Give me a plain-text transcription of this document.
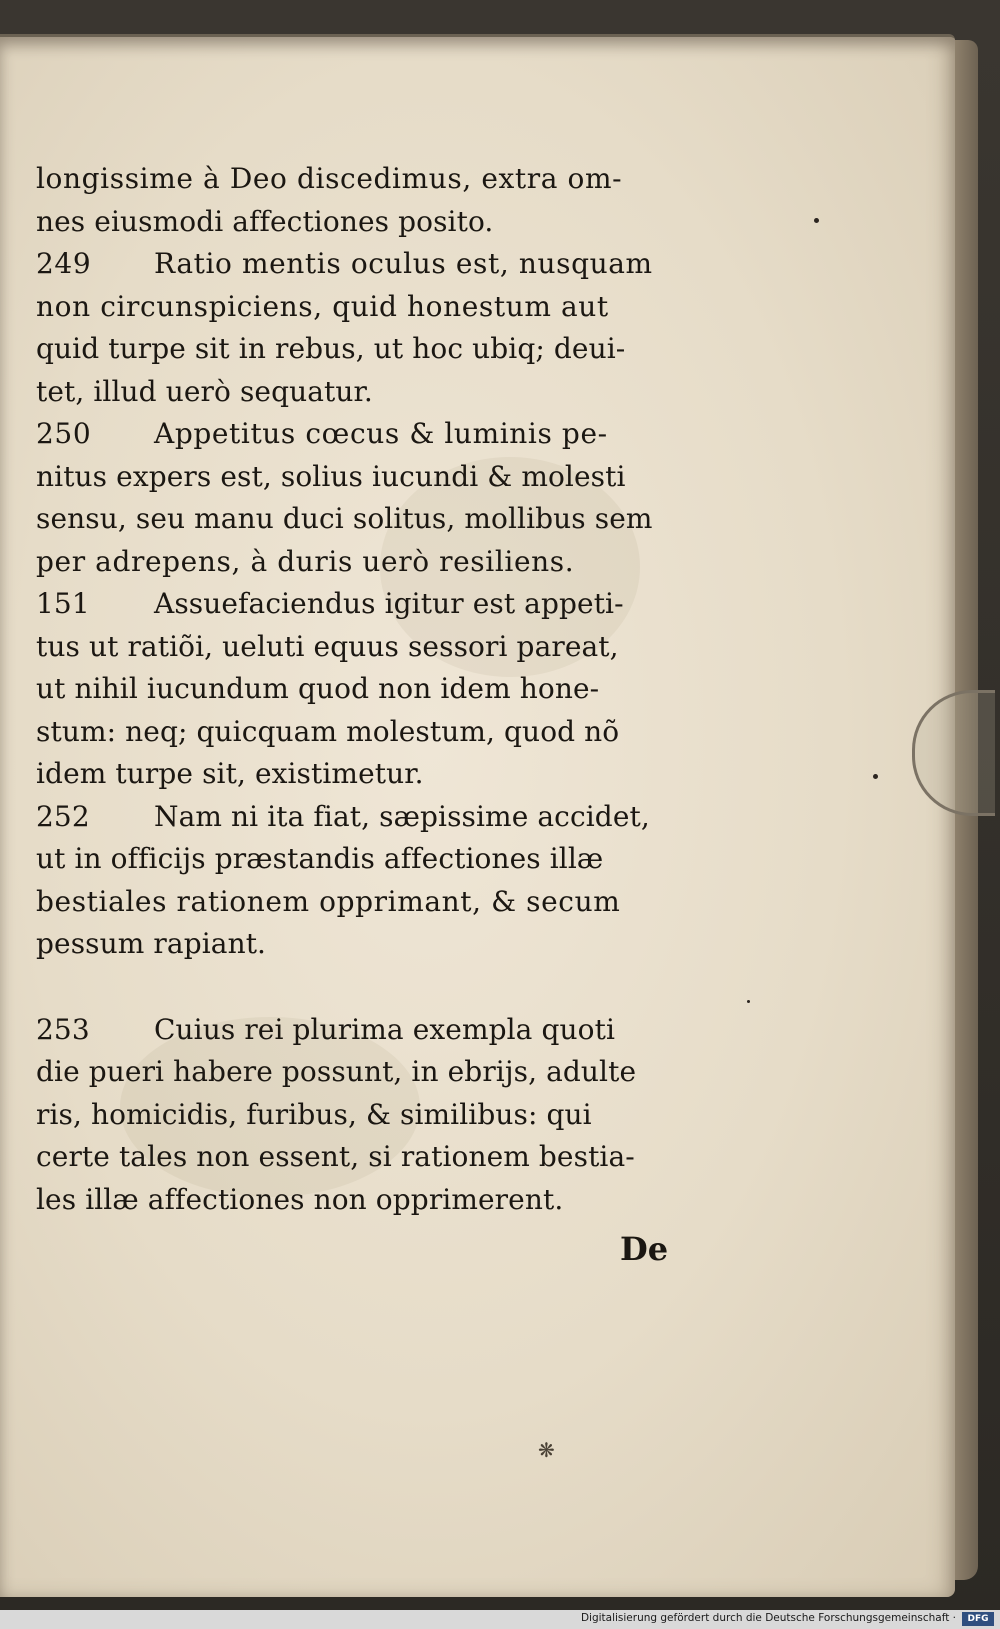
longissime à Deo discedimus, extra om-
nes eiusmodi affectiones posito.
249 Ratio mentis oculus est, nusquam
non circunspiciens, quid honestum aut
quid turpe sit in rebus, ut hoc ubiq; deui-
tet, illud uerò sequatur.
250 Appetitus cœcus & luminis pe-
nitus expers est, solius iucundi & molesti
sensu, seu manu duci solitus, mollibus sem
per adrepens, à duris uerò resiliens.
151 Assuefaciendus igitur est appeti-
tus ut ratiõi, ueluti equus sessori pareat,
ut nihil iucundum quod non idem hone-
stum: neq; quicquam molestum, quod nõ
idem turpe sit, existimetur.
252 Nam ni ita fiat, sæpissime accidet,
ut in officijs præstandis affectiones illæ
bestiales rationem opprimant, & secum
pessum rapiant.
253 Cuius rei plurima exempla quoti
die pueri habere possunt, in ebrijs, adulte
ris, homicidis, furibus, & similibus: qui
certe tales non essent, si rationem bestia-
les illæ affectiones non opprimerent.
De
❋
Digitalisierung gefördert durch die Deutsche Forschungsgemeinschaft ·	DFG
